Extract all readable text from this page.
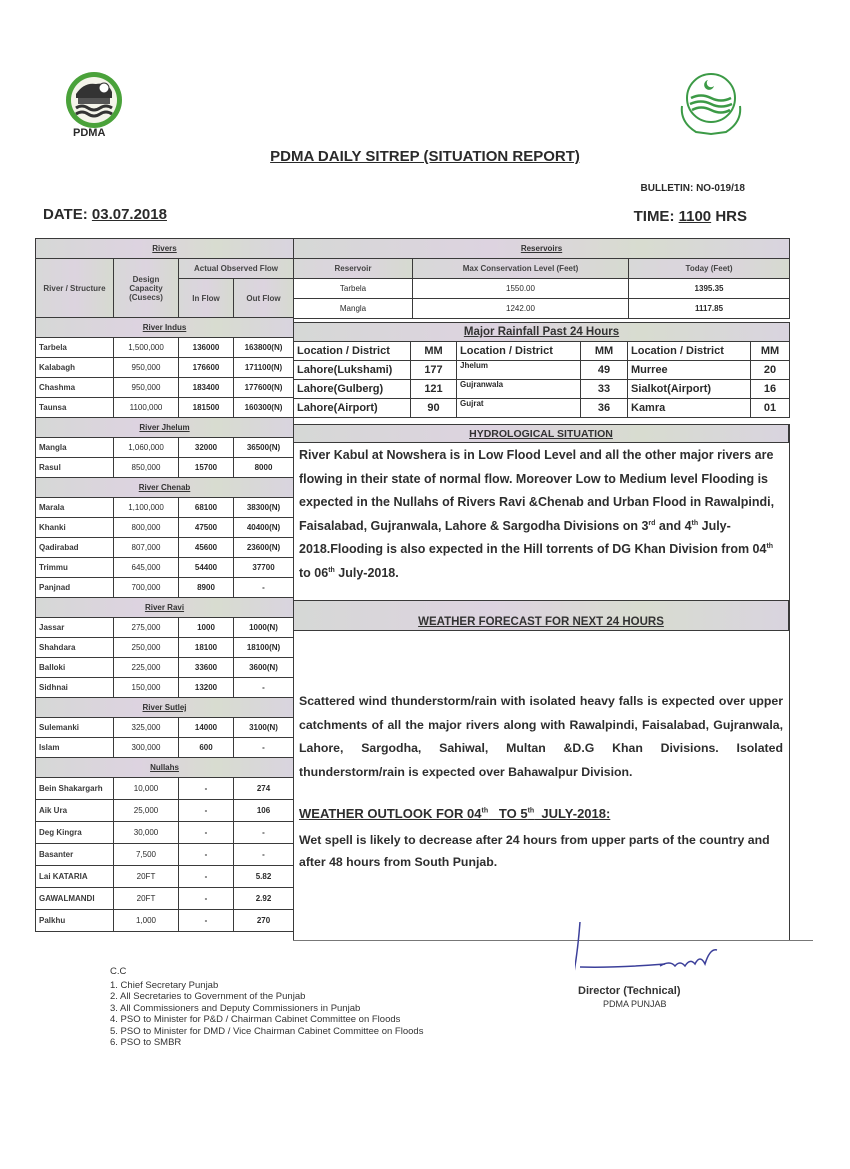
PDMA
PDMA DAILY SITREP (SITUATION REPORT)
BULLETIN: NO-019/18
DATE: 03.07.2018	TIME: 1100 HRS
Rivers			
River / Structure	Design Capacity (Cusecs)	Actual Observed Flow	
		In Flow	Out Flow
River Indus			
Tarbela	1,500,000	136000	163800(N)
Kalabagh	950,000	176600	171100(N)
Chashma	950,000	183400	177600(N)
Taunsa	1100,000	181500	160300(N)
River Jhelum			
Mangla	1,060,000	32000	36500(N)
Rasul	850,000	15700	8000
River Chenab			
Marala	1,100,000	68100	38300(N)
Khanki	800,000	47500	40400(N)
Qadirabad	807,000	45600	23600(N)
Trimmu	645,000	54400	37700
Panjnad	700,000	8900	-
River Ravi			
Jassar	275,000	1000	1000(N)
Shahdara	250,000	18100	18100(N)
Balloki	225,000	33600	3600(N)
Sidhnai	150,000	13200	-
River Sutlej			
Sulemanki	325,000	14000	3100(N)
Islam	300,000	600	-
Nullahs			
Bein Shakargarh	10,000	-	274
Aik Ura	25,000	-	106
Deg Kingra	30,000	-	-
Basanter	7,500	-	-
Lai KATARIA	20FT	-	5.82
GAWALMANDI	20FT	-	2.92
Palkhu	1,000	-	270
Reservoirs		
Reservoir	Max Conservation Level (Feet)	Today (Feet)
Tarbela	1550.00	1395.35
Mangla	1242.00	1117.85
Major Rainfall Past 24 Hours					
Location / District	MM	Location / District	MM	Location / District	MM
Lahore(Lukshami)	177	Jhelum	49	Murree	20
Lahore(Gulberg)	121	Gujranwala	33	Sialkot(Airport)	16
Lahore(Airport)	90	Gujrat	36	Kamra	01
HYDROLOGICAL SITUATION
River Kabul at Nowshera is in Low Flood Level and all the other major rivers are flowing in their state of normal flow. Moreover Low to Medium level Flooding is expected in the Nullahs of Rivers Ravi &Chenab and Urban Flood in Rawalpindi, Faisalabad, Gujranwala, Lahore & Sargodha Divisions on 3rd and 4th July-2018.Flooding is also expected in the Hill torrents of DG Khan Division from 04th to 06th July-2018.
WEATHER FORECAST FOR NEXT 24 HOURS
Scattered wind thunderstorm/rain with isolated heavy falls is expected over upper catchments of all the major rivers along with Rawalpindi, Faisalabad, Gujranwala, Lahore, Sargodha, Sahiwal, Multan &D.G Khan Divisions. Isolated thunderstorm/rain is expected over Bahawalpur Division.
WEATHER OUTLOOK FOR 04th   TO 5th  JULY-2018:
Wet spell is likely to decrease after 24 hours from upper parts of the country and after 48 hours from South Punjab.
C.C
1. Chief Secretary Punjab
2. All Secretaries to Government of the Punjab
3. All Commissioners and Deputy Commissioners in Punjab
4. PSO to Minister for P&D / Chairman Cabinet Committee on Floods
5. PSO to Minister for DMD / Vice Chairman Cabinet Committee on Floods
6. PSO to SMBR
Director (Technical)
PDMA PUNJAB
